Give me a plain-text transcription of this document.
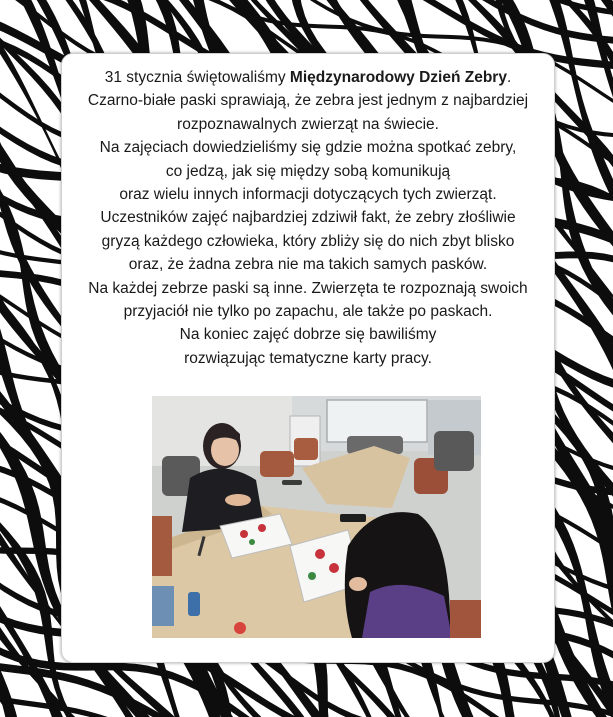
31 stycznia świętowaliśmy Międzynarodowy Dzień Zebry.
Czarno-białe paski sprawiają, że zebra jest jednym z najbardziej
rozpoznawalnych zwierząt na świecie.
Na zajęciach dowiedzieliśmy się gdzie można spotkać zebry,
co jedzą, jak się między sobą komunikują
oraz wielu innych informacji dotyczących tych zwierząt.
Uczestników zajęć najbardziej zdziwił fakt, że zebry złośliwie
gryzą każdego człowieka, który zbliży się do nich zbyt blisko
oraz, że żadna zebra nie ma takich samych pasków.
Na każdej zebrze paski są inne. Zwierzęta te rozpoznają swoich
przyjaciół nie tylko po zapachu, ale także po paskach.
Na koniec zajęć dobrze się bawiliśmy
rozwiązując tematyczne karty pracy.
